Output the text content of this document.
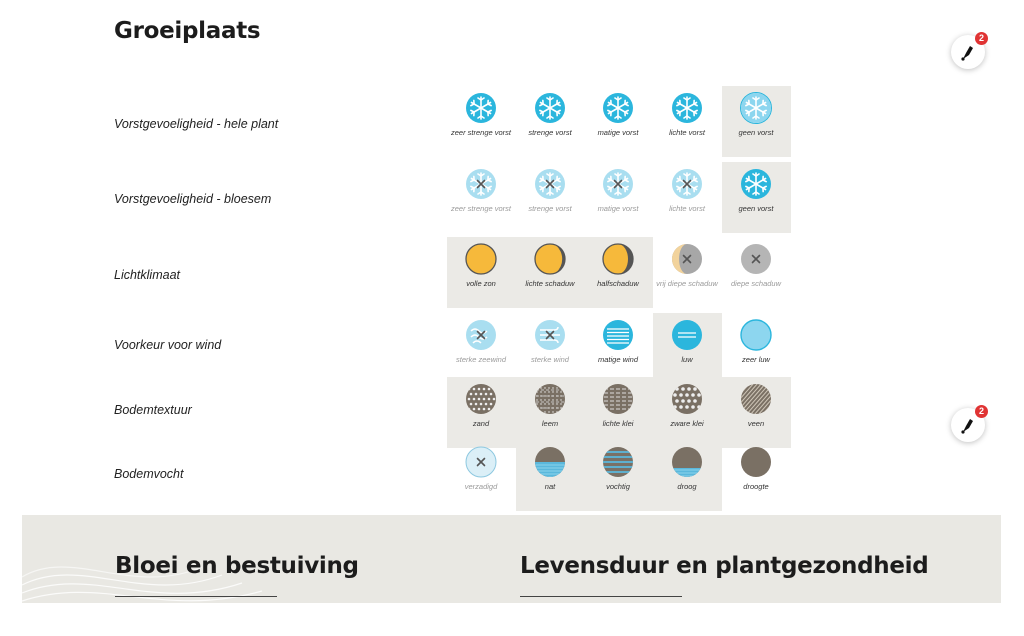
Groeiplaats	2
2
Vorstgevoeligheid - hele plant
zeer strenge vorst	strenge vorst	matige vorst	lichte vorst	geen vorst
Vorstgevoeligheid - bloesem
zeer strenge vorst	strenge vorst	matige vorst	lichte vorst	geen vorst
Lichtklimaat
volle zon	lichte schaduw	halfschaduw	vrij diepe schaduw	diepe schaduw
Voorkeur voor wind
sterke zeewind	sterke wind	matige wind	luw	zeer luw
Bodemtextuur
zand	leem	lichte klei	zware klei	veen
Bodemvocht
verzadigd	nat	vochtig	droog	droogte
Bloei en bestuiving	Levensduur en plantgezondheid
